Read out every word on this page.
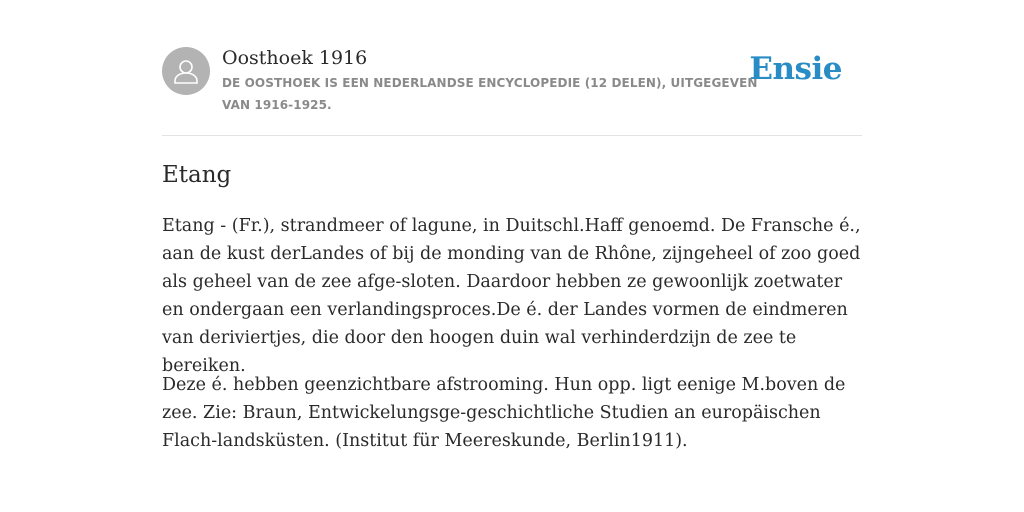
Oosthoek 1916
DE OOSTHOEK IS EEN NEDERLANDSE ENCYCLOPEDIE (12 DELEN), UITGEGEVEN VAN 1916-1925.
Ensie
Etang

Etang - (Fr.), strandmeer of lagune, in Duitschl.Haff genoemd. De Fransche é., aan de kust derLandes of bij de monding van de Rhône, zijngeheel of zoo goed als geheel van de zee afge-sloten. Daardoor hebben ze gewoonlijk zoetwater en ondergaan een verlandingsproces.De é. der Landes vormen de eindmeren van deriviertjes, die door den hoogen duin wal verhinderdzijn de zee te bereiken.

Deze é. hebben geenzichtbare afstrooming. Hun opp. ligt eenige M.boven de zee. Zie: Braun, Entwickelungsge-geschichtliche Studien an europäischen Flach-landsküsten. (Institut für Meereskunde, Berlin1911).
